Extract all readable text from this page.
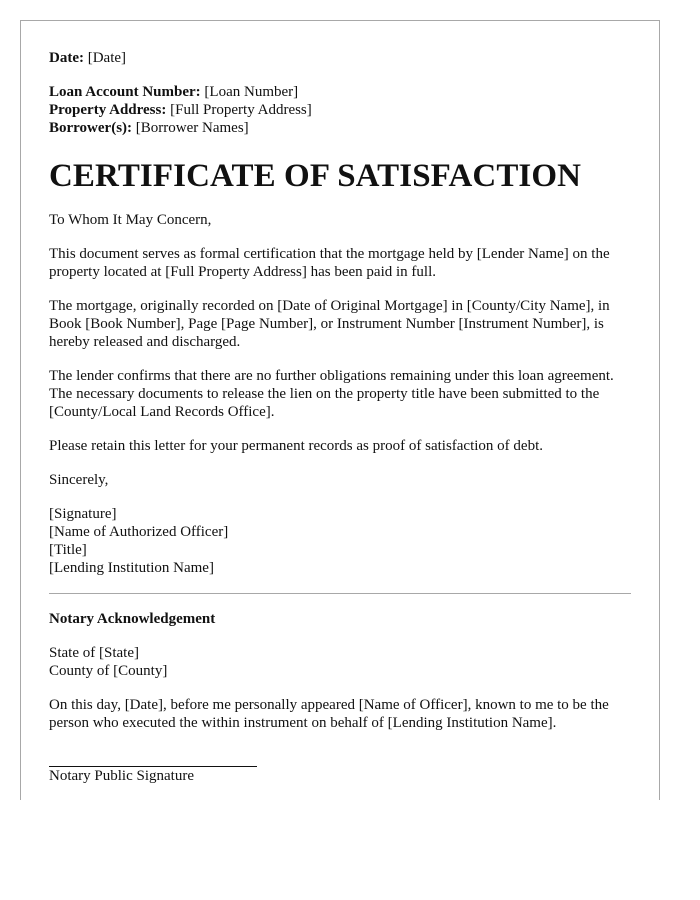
Date: [Date]

Loan Account Number: [Loan Number]

Property Address: [Full Property Address]

Borrower(s): [Borrower Names]

CERTIFICATE OF SATISFACTION

To Whom It May Concern,

This document serves as formal certification that the mortgage held by [Lender Name] on the property located at [Full Property Address] has been paid in full.

The mortgage, originally recorded on [Date of Original Mortgage] in [County/City Name], in Book [Book Number], Page [Page Number], or Instrument Number [Instrument Number], is hereby released and discharged.

The lender confirms that there are no further obligations remaining under this loan agreement. The necessary documents to release the lien on the property title have been submitted to the [County/Local Land Records Office].

Please retain this letter for your permanent records as proof of satisfaction of debt.

Sincerely,

[Signature]
[Name of Authorized Officer]
[Title]
[Lending Institution Name]

Notary Acknowledgement

State of [State]
County of [County]

On this day, [Date], before me personally appeared [Name of Officer], known to me to be the person who executed the within instrument on behalf of [Lending Institution Name].

Notary Public Signature
